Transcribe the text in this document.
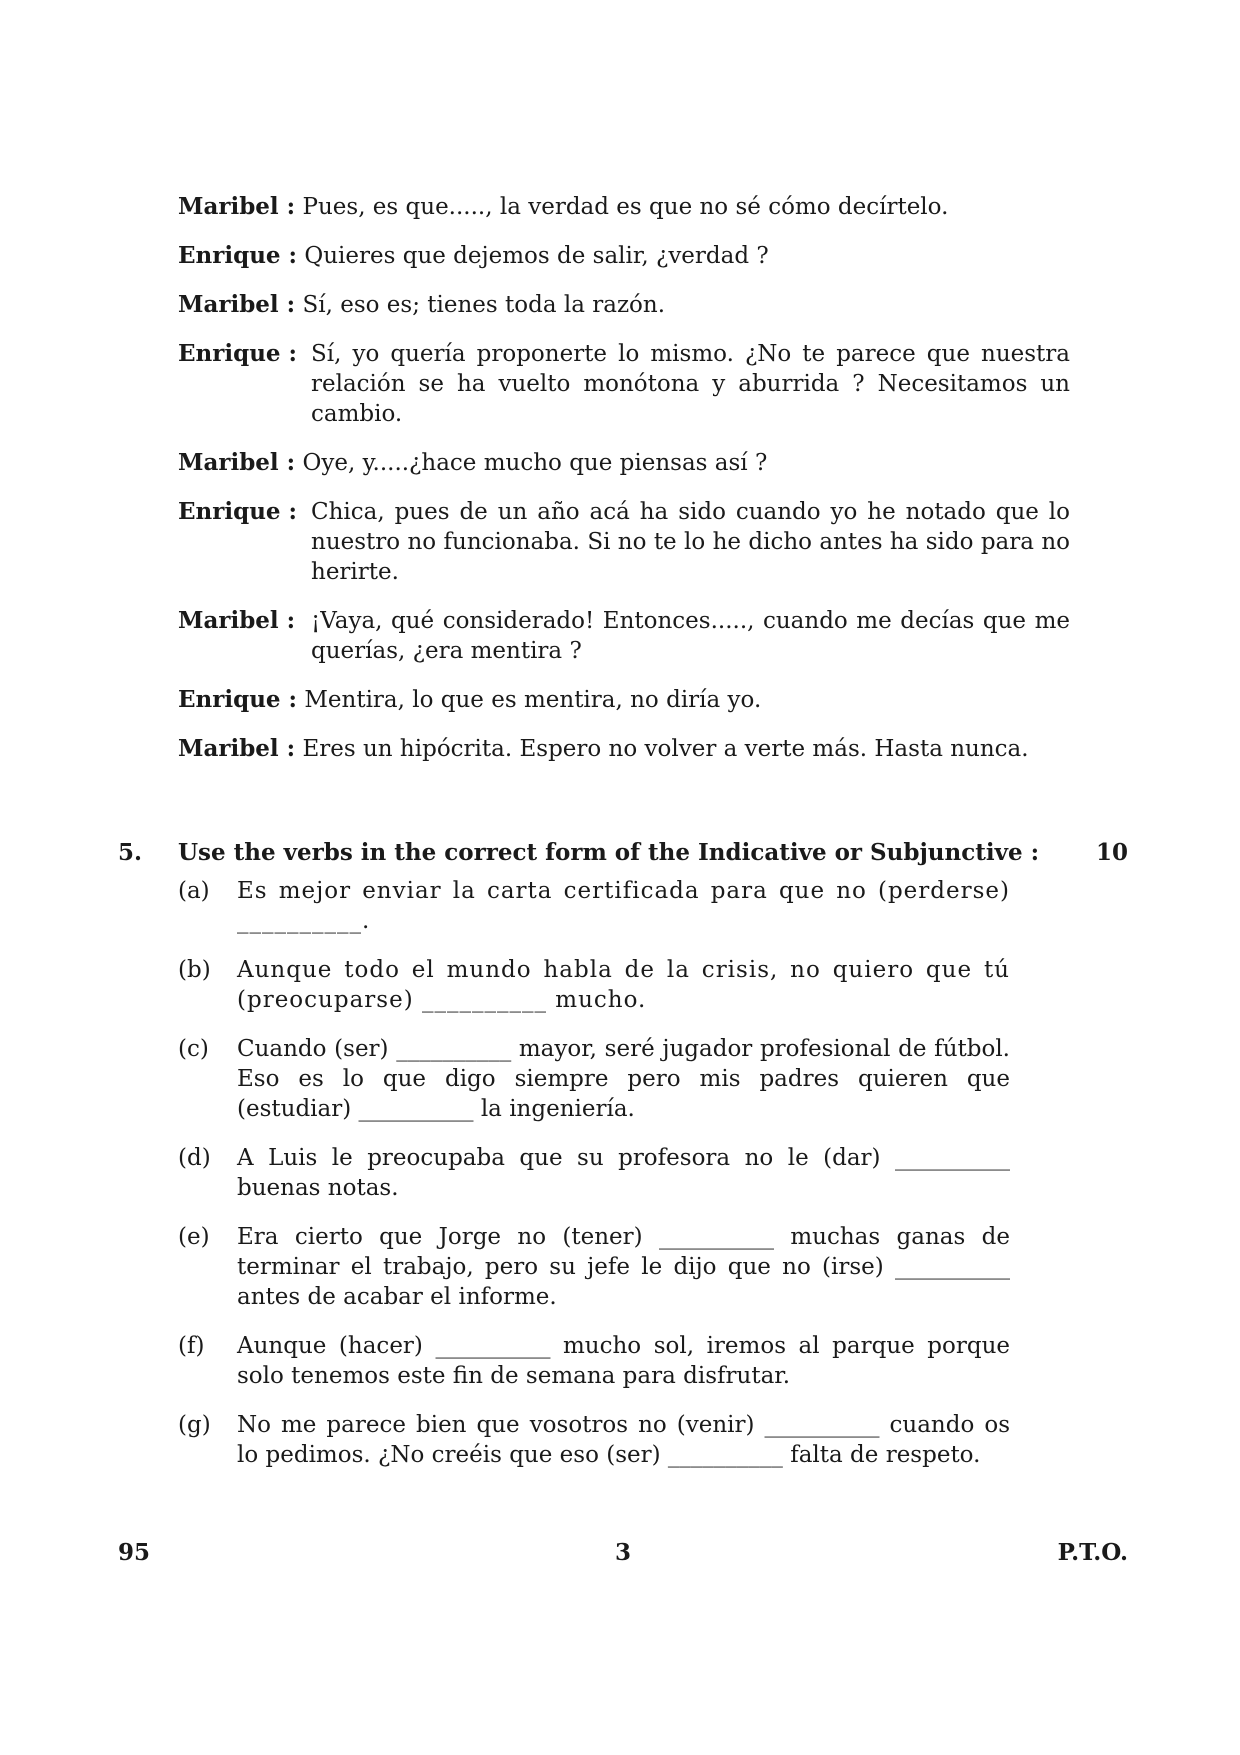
Maribel : Pues, es que....., la verdad es que no sé cómo decírtelo.
Enrique : Quieres que dejemos de salir, ¿verdad ?
Maribel : Sí, eso es; tienes toda la razón.
Enrique : Sí, yo quería proponerte lo mismo. ¿No te parece que nuestra relación se ha vuelto monótona y aburrida ? Necesitamos un cambio.
Maribel : Oye, y.....¿hace mucho que piensas así ?
Enrique : Chica, pues de un año acá ha sido cuando yo he notado que lo nuestro no funcionaba. Si no te lo he dicho antes ha sido para no herirte.
Maribel : ¡Vaya, qué considerado! Entonces....., cuando me decías que me querías, ¿era mentira ?
Enrique : Mentira, lo que es mentira, no diría yo.
Maribel : Eres un hipócrita. Espero no volver a verte más. Hasta nunca.
5. Use the verbs in the correct form of the Indicative or Subjunctive : 10
(a) Es mejor enviar la carta certificada para que no (perderse) __________.
(b) Aunque todo el mundo habla de la crisis, no quiero que tú (preocuparse) __________ mucho.
(c) Cuando (ser) __________ mayor, seré jugador profesional de fútbol. Eso es lo que digo siempre pero mis padres quieren que (estudiar) __________ la ingeniería.
(d) A Luis le preocupaba que su profesora no le (dar) __________ buenas notas.
(e) Era cierto que Jorge no (tener) __________ muchas ganas de terminar el trabajo, pero su jefe le dijo que no (irse) __________ antes de acabar el informe.
(f) Aunque (hacer) __________ mucho sol, iremos al parque porque solo tenemos este fin de semana para disfrutar.
(g) No me parece bien que vosotros no (venir) __________ cuando os lo pedimos. ¿No creéis que eso (ser) __________ falta de respeto.
95	3	P.T.O.
